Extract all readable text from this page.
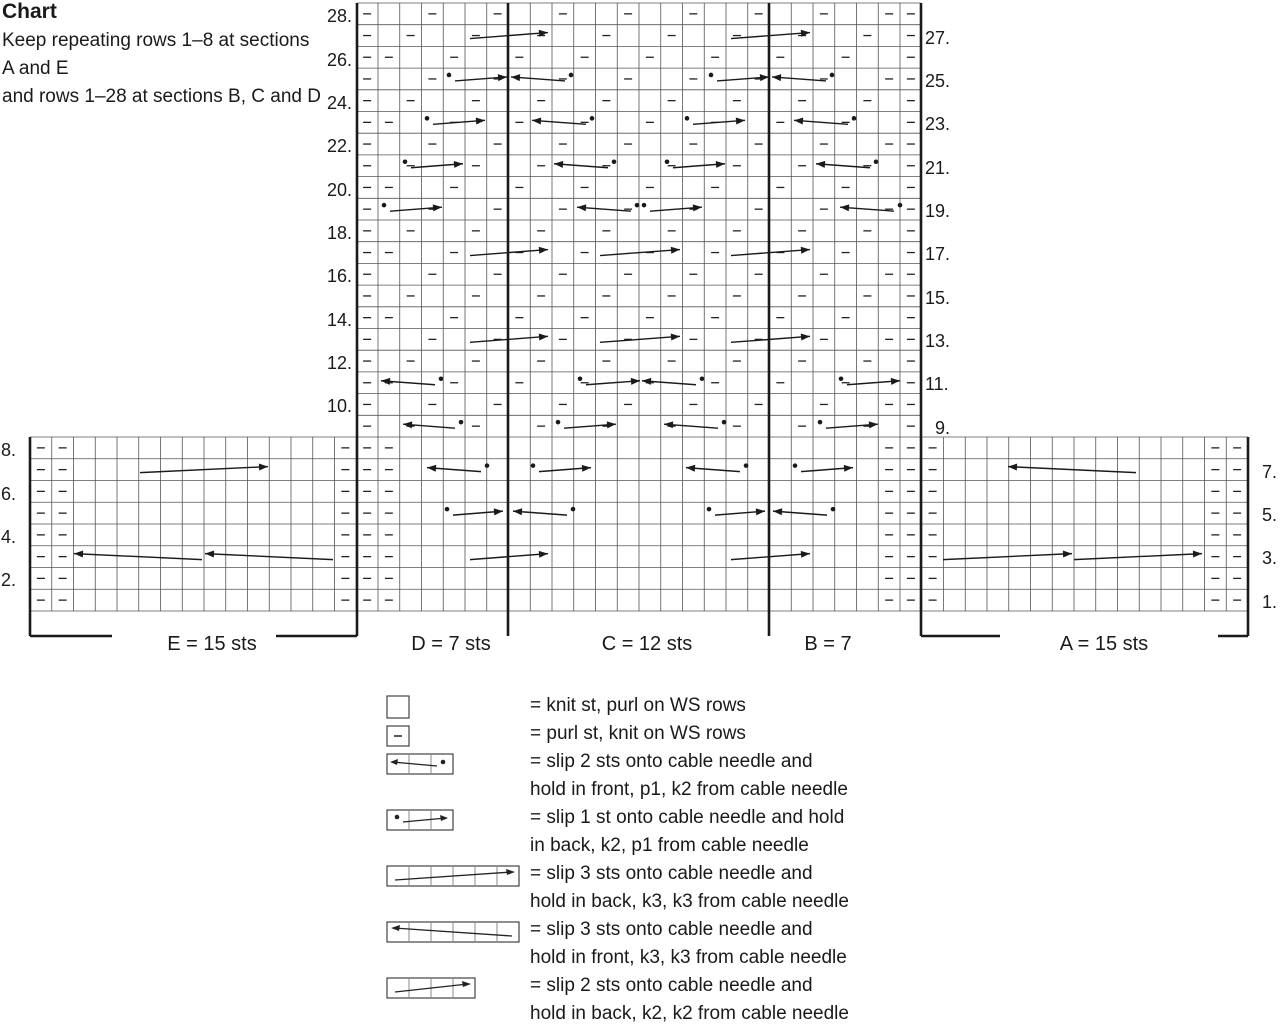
Chart
Keep repeating rows 1–8 at sections
A and E
and rows 1–28 at sections B, C and D
28.
26.
24.
22.
20.
18.
16.
14.
12.
10.
8.
6.
4.
2.
27.
25.
23.
21.
19.
17.
15.
13.
11.
9.
7.
5.
3.
1.
E = 15 sts	D = 7 sts	C = 12 sts	B = 7	A = 15 sts
= knit st, purl on WS rows
= purl st, knit on WS rows
= slip 2 sts onto cable needle and
hold in front, p1, k2 from cable needle
= slip 1 st onto cable needle and hold
in back, k2, p1 from cable needle
= slip 3 sts onto cable needle and
hold in back, k3, k3 from cable needle
= slip 3 sts onto cable needle and
hold in front, k3, k3 from cable needle
= slip 2 sts onto cable needle and
hold in back, k2, k2 from cable needle
